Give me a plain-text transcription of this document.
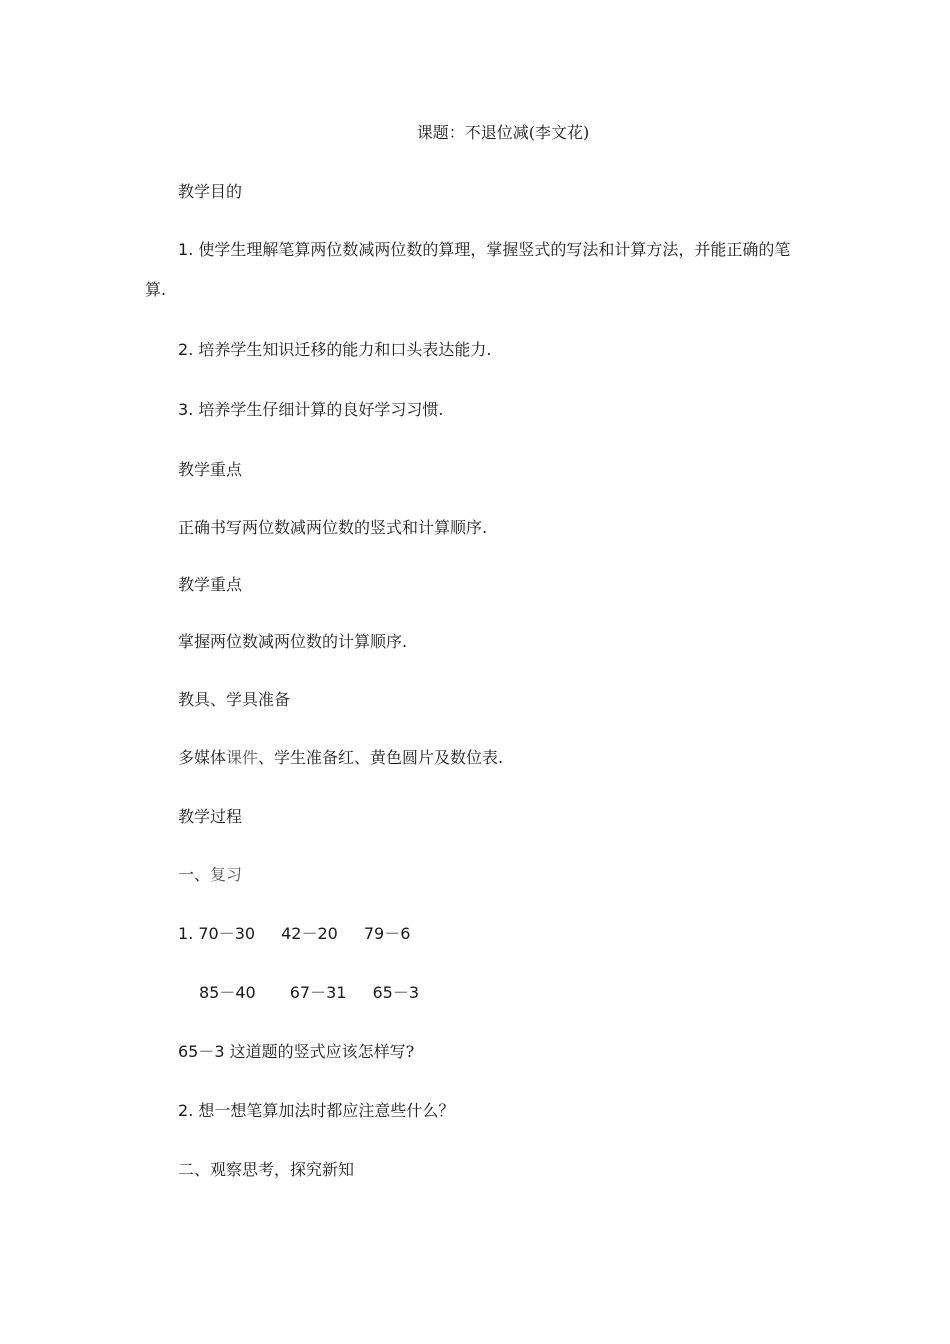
课题：不退位减(李文花)
教学目的
1. 使学生理解笔算两位数减两位数的算理，掌握竖式的写法和计算方法，并能正确的笔
算.
2. 培养学生知识迁移的能力和口头表达能力.
3. 培养学生仔细计算的良好学习习惯.
教学重点
正确书写两位数减两位数的竖式和计算顺序.
教学重点
掌握两位数减两位数的计算顺序.
教具、学具准备
多媒体课件、学生准备红、黄色圆片及数位表.
教学过程
一、复习
1. 70－30 42－20 79－6
85－40 67－31 65－3
65－3 这道题的竖式应该怎样写?
2. 想一想笔算加法时都应注意些什么？
二、观察思考，探究新知
